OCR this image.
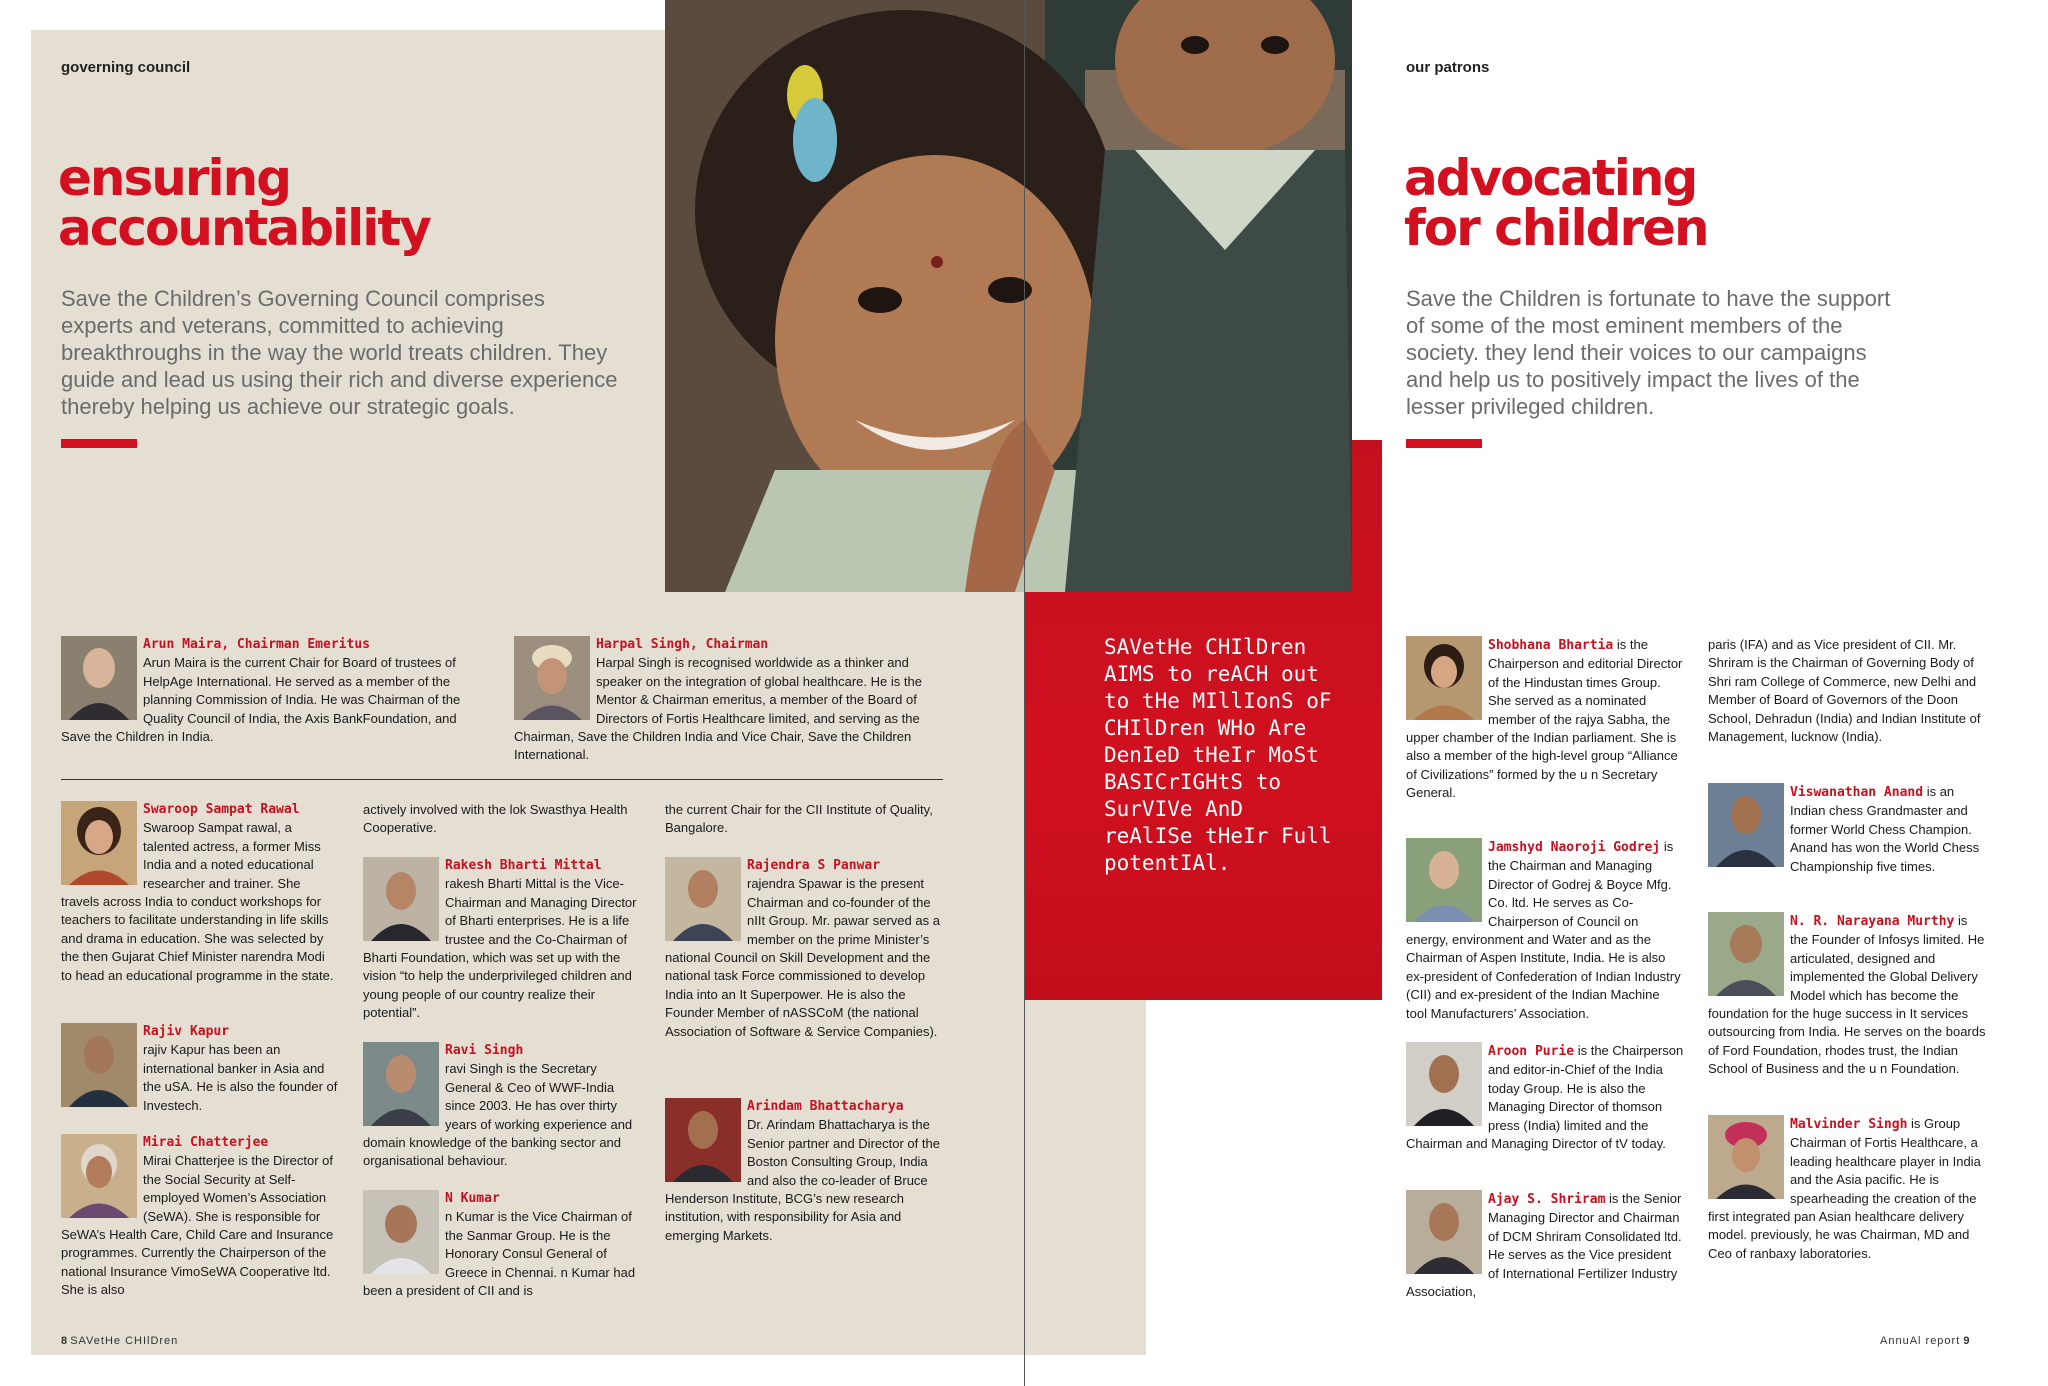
governing council
ensuring
accountability
Save the Children’s Governing Council comprises experts and veterans, committed to achieving breakthroughs in the way the world treats children. They guide and lead us using their rich and diverse experience thereby helping us achieve our strategic goals.
Arun Maira, Chairman Emeritus

Arun Maira is the current Chair for Board of trustees of HelpAge International. He served as a member of the planning Commission of India. He was Chairman of the Quality Council of India, the Axis BankFoundation, and Save the Children in India.

Harpal Singh, Chairman

Harpal Singh is recognised worldwide as a thinker and speaker on the integration of global healthcare. He is the Mentor & Chairman emeritus, a member of the Board of Directors of Fortis Healthcare limited, and serving as the Chairman, Save the Children India and Vice Chair, Save the Children International.

Swaroop Sampat Rawal

Swaroop Sampat rawal, a talented actress, a former Miss India and a noted educational researcher and trainer. She travels across India to conduct workshops for teachers to facilitate understanding in life skills and drama in education. She was selected by the then Gujarat Chief Minister narendra Modi to head an educational programme in the state.

Rajiv Kapur

rajiv Kapur has been an international banker in Asia and the uSA. He is also the founder of Investech.

Mirai Chatterjee

Mirai Chatterjee is the Director of the Social Security at Self-employed Women’s Association (SeWA). She is responsible for SeWA’s Health Care, Child Care and Insurance programmes. Currently the Chairperson of the national Insurance VimoSeWA Cooperative ltd. She is also

actively involved with the lok Swasthya Health Cooperative.

Rakesh Bharti Mittal

rakesh Bharti Mittal is the Vice-Chairman and Managing Director of Bharti enterprises. He is a life trustee and the Co-Chairman of Bharti Foundation, which was set up with the vision “to help the underprivileged children and young people of our country realize their potential”.

Ravi Singh

ravi Singh is the Secretary General & Ceo of WWF-India since 2003. He has over thirty years of working experience and domain knowledge of the banking sector and organisational behaviour.

N Kumar

n Kumar is the Vice Chairman of the Sanmar Group. He is the Honorary Consul General of Greece in Chennai. n Kumar had been a president of CII and is

the current Chair for the CII Institute of Quality, Bangalore.

Rajendra S Panwar

rajendra Spawar is the present Chairman and co-founder of the nIIt Group. Mr. pawar served as a member on the prime Minister’s national Council on Skill Development and the national task Force commissioned to develop India into an It Superpower. He is also the Founder Member of nASSCoM (the national Association of Software & Service Companies).

Arindam Bhattacharya

Dr. Arindam Bhattacharya is the Senior partner and Director of the Boston Consulting Group, India and also the co-leader of Bruce Henderson Institute, BCG’s new research institution, with responsibility for Asia and emerging Markets.

8 SAVetHe CHIlDren
our patrons
advocating
for children
Save the Children is fortunate to have the support of some of the most eminent members of the society. they lend their voices to our campaigns and help us to positively impact the lives of the lesser privileged children.
SAVetHe CHIlDren AIMS to reACH out to tHe MIllIonS oF CHIlDren WHo Are DenIeD tHeIr MoSt BASICrIGHtS to SurVIVe AnD reAlISe tHeIr Full potentIAl.
Shobhana Bhartia is the Chairperson and editorial Director of the Hindustan times Group. She served as a nominated member of the rajya Sabha, the upper chamber of the Indian parliament. She is also a member of the high-level group “Alliance of Civilizations” formed by the u n Secretary General.
Jamshyd Naoroji Godrej is the Chairman and Managing Director of Godrej & Boyce Mfg. Co. ltd. He serves as Co-Chairperson of Council on energy, environment and Water and as the Chairman of Aspen Institute, India. He is also ex-president of Confederation of Indian Industry (CII) and ex-president of the Indian Machine tool Manufacturers’ Association.
Aroon Purie is the Chairperson and editor-in-Chief of the India today Group. He is also the Managing Director of thomson press (India) limited and the Chairman and Managing Director of tV today.
Ajay S. Shriram is the Senior Managing Director and Chairman of DCM Shriram Consolidated ltd. He serves as the Vice president of International Fertilizer Industry Association,

paris (IFA) and as Vice president of CII. Mr. Shriram is the Chairman of Governing Body of Shri ram College of Commerce, new Delhi and Member of Board of Governors of the Doon School, Dehradun (India) and Indian Institute of Management, lucknow (India).

Viswanathan Anand is an Indian chess Grandmaster and former World Chess Champion. Anand has won the World Chess Championship five times.
N. R. Narayana Murthy is the Founder of Infosys limited. He articulated, designed and implemented the Global Delivery Model which has become the foundation for the huge success in It services outsourcing from India. He serves on the boards of Ford Foundation, rhodes trust, the Indian School of Business and the u n Foundation.
Malvinder Singh is Group Chairman of Fortis Healthcare, a leading healthcare player in India and the Asia pacific. He is spearheading the creation of the first integrated pan Asian healthcare delivery model. previously, he was Chairman, MD and Ceo of ranbaxy laboratories.
AnnuAl report 9
